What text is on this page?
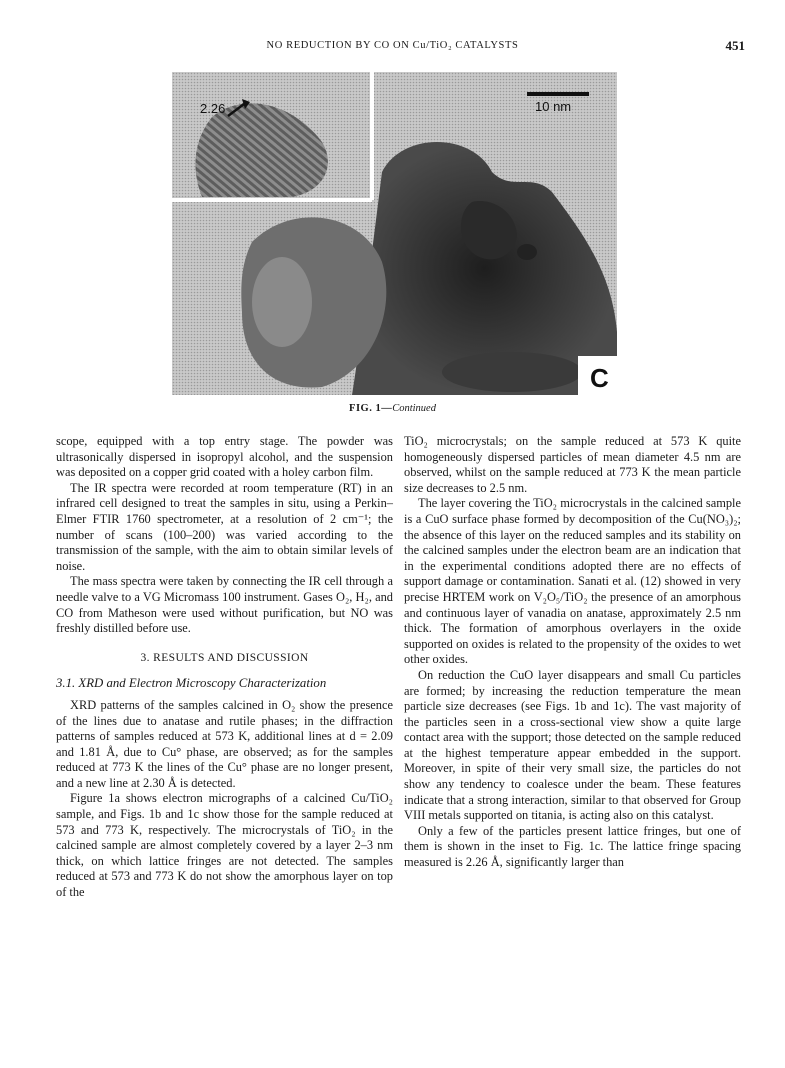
NO REDUCTION BY CO ON Cu/TiO₂ CATALYSTS	451
10 nm
2.26
C
FIG. 1—Continued

scope, equipped with a top entry stage. The powder was ultrasonically dispersed in isopropyl alcohol, and the suspension was deposited on a copper grid coated with a holey carbon film.

The IR spectra were recorded at room temperature (RT) in an infrared cell designed to treat the samples in situ, using a Perkin–Elmer FTIR 1760 spectrometer, at a resolution of 2 cm⁻¹; the number of scans (100–200) was varied according to the transmission of the sample, with the aim to obtain similar levels of noise.

The mass spectra were taken by connecting the IR cell through a needle valve to a VG Micromass 100 instrument. Gases O₂, H₂, and CO from Matheson were used without purification, but NO was freshly distilled before use.

3. RESULTS AND DISCUSSION
3.1. XRD and Electron Microscopy Characterization

XRD patterns of the samples calcined in O₂ show the presence of the lines due to anatase and rutile phases; in the diffraction patterns of samples reduced at 573 K, additional lines at d = 2.09 and 1.81 Å, due to Cu° phase, are observed; as for the samples reduced at 773 K the lines of the Cu° phase are no longer present, and a new line at 2.30 Å is detected.

Figure 1a shows electron micrographs of a calcined Cu/TiO₂ sample, and Figs. 1b and 1c show those for the sample reduced at 573 and 773 K, respectively. The microcrystals of TiO₂ in the calcined sample are almost completely covered by a layer 2–3 nm thick, on which lattice fringes are not detected. The samples reduced at 573 and 773 K do not show the amorphous layer on top of the

TiO₂ microcrystals; on the sample reduced at 573 K quite homogeneously dispersed particles of mean diameter 4.5 nm are observed, whilst on the sample reduced at 773 K the mean particle size decreases to 2.5 nm.

The layer covering the TiO₂ microcrystals in the calcined sample is a CuO surface phase formed by decomposition of the Cu(NO₃)₂; the absence of this layer on the reduced samples and its stability on the calcined samples under the electron beam are an indication that in the experimental conditions adopted there are no effects of support damage or contamination. Sanati et al. (12) showed in very precise HRTEM work on V₂O₅/TiO₂ the presence of an amorphous and continuous layer of vanadia on anatase, approximately 2.5 nm thick. The formation of amorphous overlayers in the oxide supported on oxides is related to the propensity of the oxides to wet other oxides.

On reduction the CuO layer disappears and small Cu particles are formed; by increasing the reduction temperature the mean particle size decreases (see Figs. 1b and 1c). The vast majority of the particles seen in a cross-sectional view show a quite large contact area with the support; those detected on the sample reduced at the highest temperature appear embedded in the support. Moreover, in spite of their very small size, the particles do not show any tendency to coalesce under the beam. These features indicate that a strong interaction, similar to that observed for Group VIII metals supported on titania, is acting also on this catalyst.

Only a few of the particles present lattice fringes, but one of them is shown in the inset to Fig. 1c. The lattice fringe spacing measured is 2.26 Å, significantly larger than
